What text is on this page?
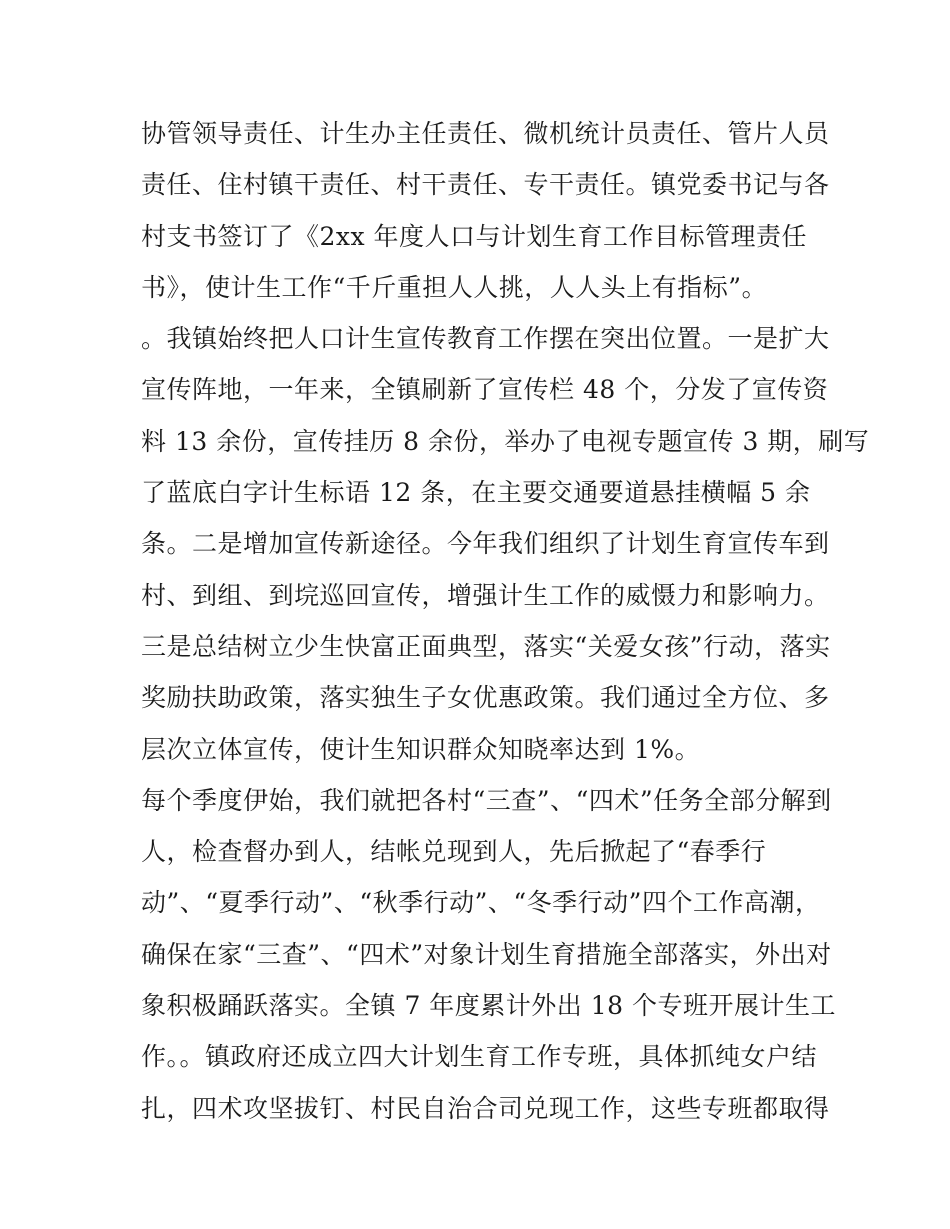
协管领导责任、计生办主任责任、微机统计员责任、管片人员
责任、住村镇干责任、村干责任、专干责任。镇党委书记与各
村支书签订了《2xx 年度人口与计划生育工作目标管理责任
书》，使计生工作“千斤重担人人挑，人人头上有指标”。
。我镇始终把人口计生宣传教育工作摆在突出位置。一是扩大
宣传阵地，一年来，全镇刷新了宣传栏 48 个，分发了宣传资
料 13 余份，宣传挂历 8 余份，举办了电视专题宣传 3 期，刷写
了蓝底白字计生标语 12 条，在主要交通要道悬挂横幅 5 余
条。二是增加宣传新途径。今年我们组织了计划生育宣传车到
村、到组、到垸巡回宣传，增强计生工作的威慑力和影响力。
三是总结树立少生快富正面典型，落实“关爱女孩”行动，落实
奖励扶助政策，落实独生子女优惠政策。我们通过全方位、多
层次立体宣传，使计生知识群众知晓率达到 1%。
每个季度伊始，我们就把各村“三查”、“四术”任务全部分解到
人，检查督办到人，结帐兑现到人，先后掀起了“春季行
动”、“夏季行动”、“秋季行动”、“冬季行动”四个工作高潮，
确保在家“三查”、“四术”对象计划生育措施全部落实，外出对
象积极踊跃落实。全镇 7 年度累计外出 18 个专班开展计生工
作。。镇政府还成立四大计划生育工作专班，具体抓纯女户结
扎，四术攻坚拔钉、村民自治合司兑现工作，这些专班都取得
